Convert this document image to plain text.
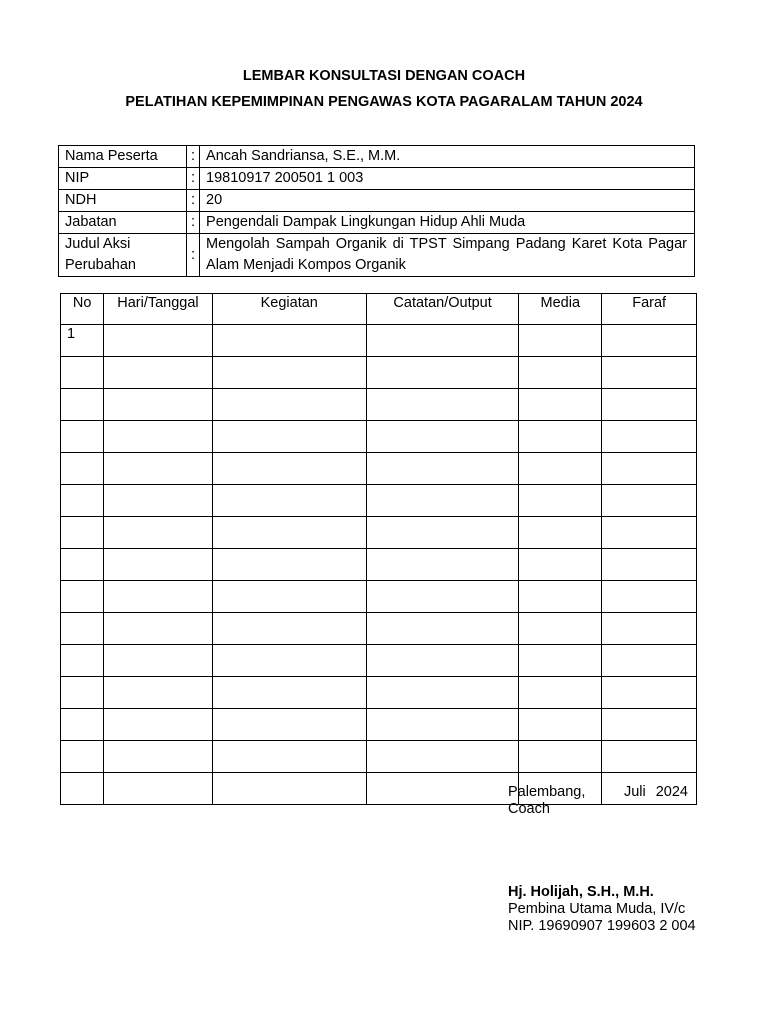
LEMBAR KONSULTASI DENGAN COACH
PELATIHAN KEPEMIMPINAN PENGAWAS KOTA PAGARALAM TAHUN 2024
Nama Peserta	:	Ancah Sandriansa, S.E., M.M.
NIP	:	19810917 200501 1 003
NDH	:	20
Jabatan	:	Pengendali Dampak Lingkungan Hidup Ahli Muda
Judul Aksi Perubahan	:	Mengolah Sampah Organik di TPST Simpang Padang Karet Kota Pagar Alam Menjadi Kompos Organik
No	Hari/Tanggal	Kegiatan	Catatan/Output	Media	Faraf
1					

Palembang,	Juli 2024
Coach
Hj. Holijah, S.H., M.H.
Pembina Utama Muda, IV/c
NIP. 19690907 199603 2 004
